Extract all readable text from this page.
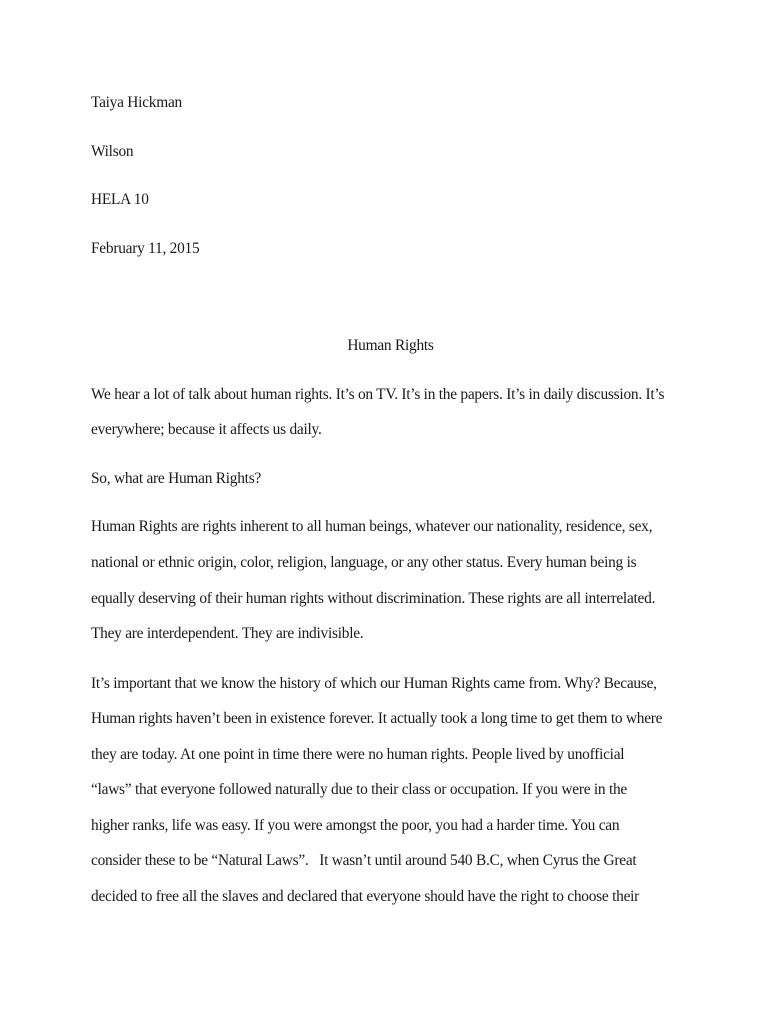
Taiya Hickman

Wilson

HELA 10

February 11, 2015

Human Rights

We hear a lot of talk about human rights. It’s on TV. It’s in the papers. It’s in daily discussion. It’s

everywhere; because it affects us daily.

So, what are Human Rights?

Human Rights are rights inherent to all human beings, whatever our nationality, residence, sex,

national or ethnic origin, color, religion, language, or any other status. Every human being is

equally deserving of their human rights without discrimination. These rights are all interrelated.

They are interdependent. They are indivisible.

It’s important that we know the history of which our Human Rights came from. Why? Because,

Human rights haven’t been in existence forever. It actually took a long time to get them to where

they are today. At one point in time there were no human rights. People lived by unofficial

“laws” that everyone followed naturally due to their class or occupation. If you were in the

higher ranks, life was easy. If you were amongst the poor, you had a harder time. You can

consider these to be “Natural Laws”.   It wasn’t until around 540 B.C, when Cyrus the Great

decided to free all the slaves and declared that everyone should have the right to choose their
